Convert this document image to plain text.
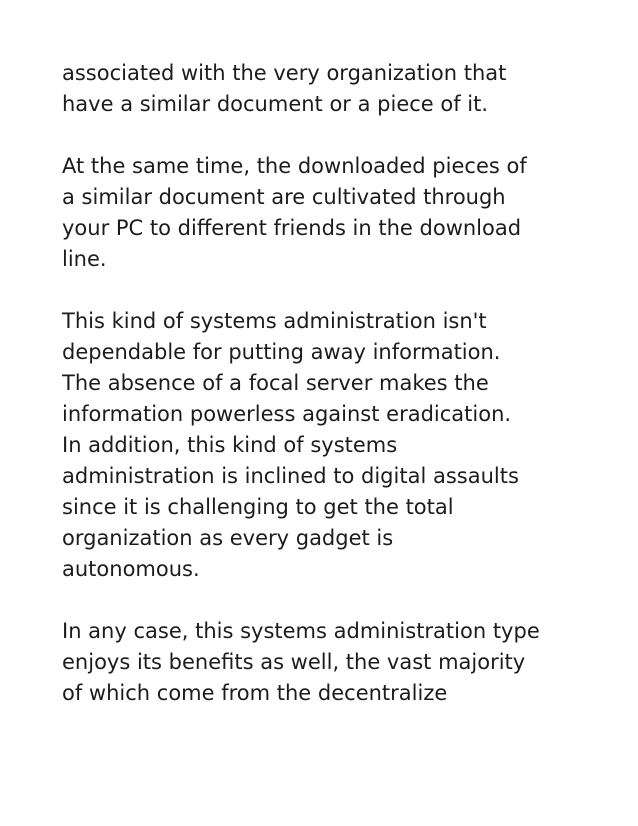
associated with the very organization that
have a similar document or a piece of it.

At the same time, the downloaded pieces of
a similar document are cultivated through
your PC to different friends in the download
line.

This kind of systems administration isn't
dependable for putting away information.
The absence of a focal server makes the
information powerless against eradication.
In addition, this kind of systems
administration is inclined to digital assaults
since it is challenging to get the total
organization as every gadget is
autonomous.

In any case, this systems administration type
enjoys its benefits as well, the vast majority
of which come from the decentralize
